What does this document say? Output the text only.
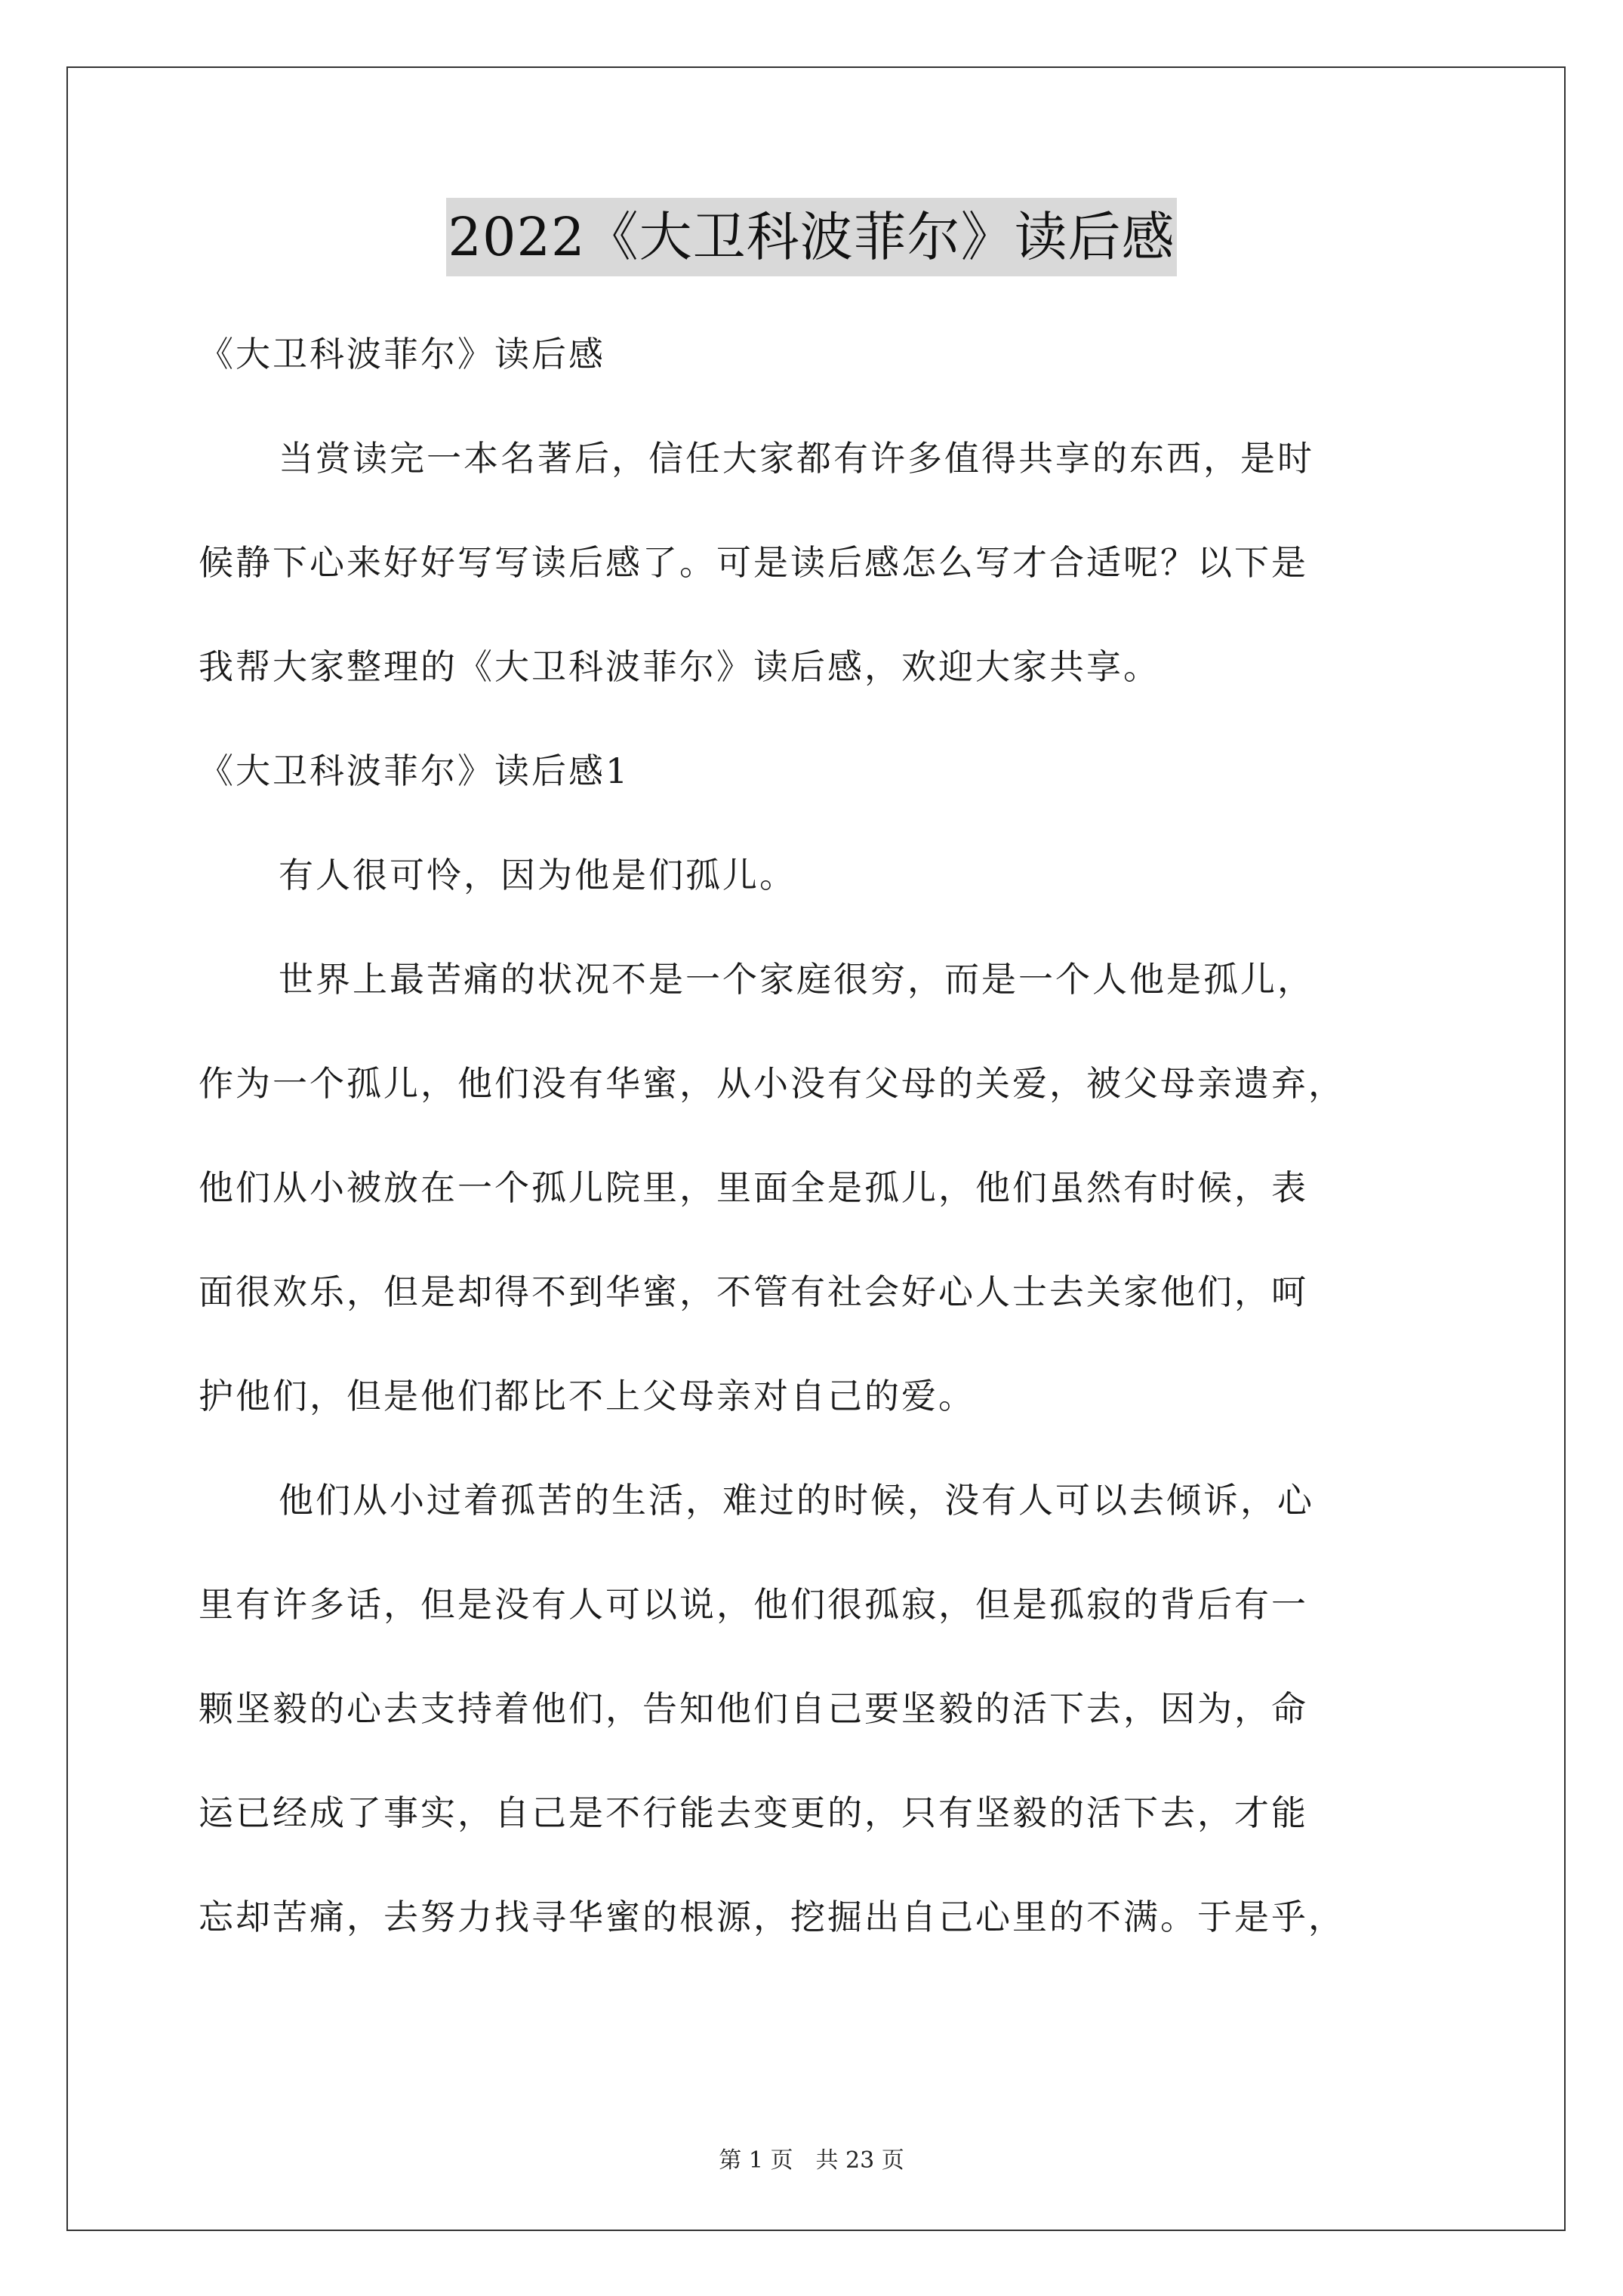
2022《大卫科波菲尔》读后感
《大卫科波菲尔》读后感
当赏读完一本名著后，信任大家都有许多值得共享的东西，是时
候静下心来好好写写读后感了。可是读后感怎么写才合适呢？以下是
我帮大家整理的《大卫科波菲尔》读后感，欢迎大家共享。
《大卫科波菲尔》读后感1
有人很可怜，因为他是们孤儿。
世界上最苦痛的状况不是一个家庭很穷，而是一个人他是孤儿，
作为一个孤儿，他们没有华蜜，从小没有父母的关爱，被父母亲遗弃，
他们从小被放在一个孤儿院里，里面全是孤儿，他们虽然有时候，表
面很欢乐，但是却得不到华蜜，不管有社会好心人士去关家他们，呵
护他们，但是他们都比不上父母亲对自己的爱。
他们从小过着孤苦的生活，难过的时候，没有人可以去倾诉，心
里有许多话，但是没有人可以说，他们很孤寂，但是孤寂的背后有一
颗坚毅的心去支持着他们，告知他们自己要坚毅的活下去，因为，命
运已经成了事实，自己是不行能去变更的，只有坚毅的活下去，才能
忘却苦痛，去努力找寻华蜜的根源，挖掘出自己心里的不满。于是乎，
第 1 页　共 23 页
